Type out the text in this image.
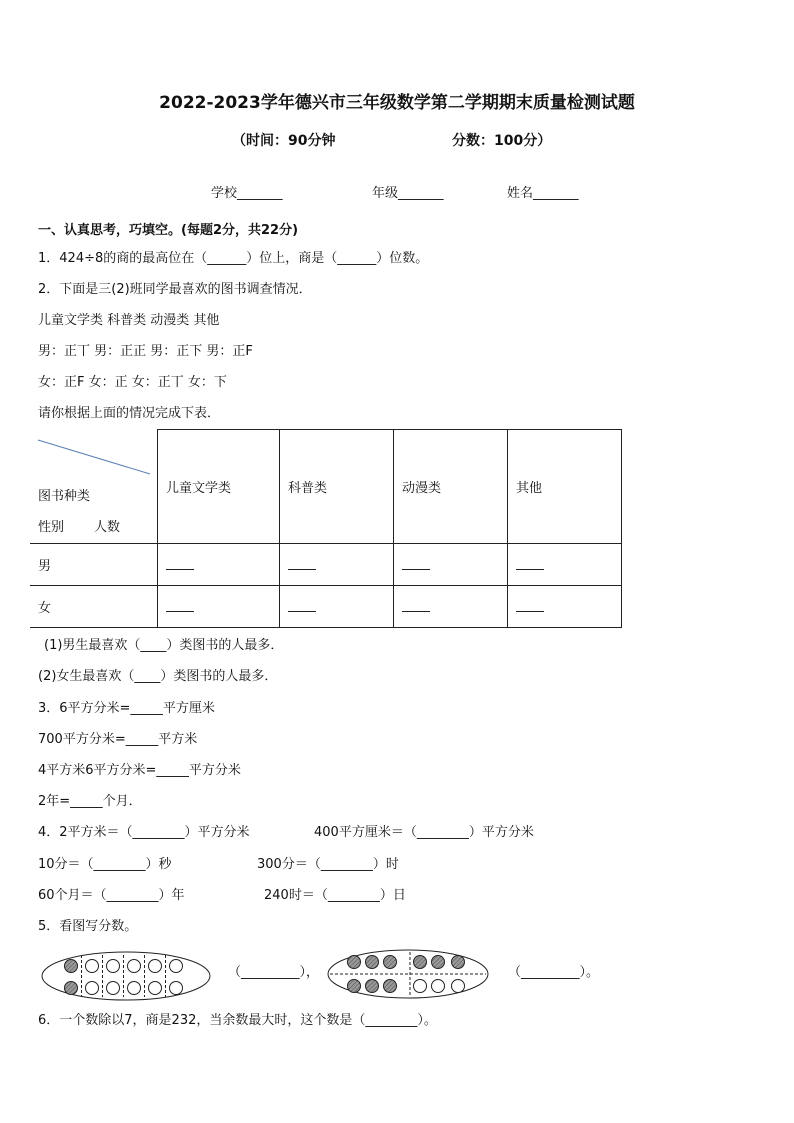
2022-2023学年德兴市三年级数学第二学期期末质量检测试题
（时间：90分钟	分数：100分）
学校_______	年级_______	姓名_______
一、认真思考，巧填空。(每题2分，共22分)
1．424÷8的商的最高位在（______）位上，商是（______）位数。
2．下面是三(2)班同学最喜欢的图书调查情况．
儿童文学类 科普类 动漫类 其他
男：正丅 男：正正 男：正下 男：正F
女：正F 女：正 女：正丅 女：下
请你根据上面的情况完成下表．
图书种类
性别 人数	儿童文学类	科普类	动漫类	其他
男				
女				
(1)男生最喜欢（____）类图书的人最多．
(2)女生最喜欢（____）类图书的人最多．
3．6平方分米=_____平方厘米
700平方分米=_____平方米
4平方米6平方分米=_____平方分米
2年=_____个月．
4．2平方米＝（________）平方分米	400平方厘米＝（________）平方分米
10分＝（________）秒	300分＝（________）时
60个月＝（________）年	240时＝（________）日
5．看图写分数。
（_________），	（_________）。
6．一个数除以7，商是232，当余数最大时，这个数是（________）。
